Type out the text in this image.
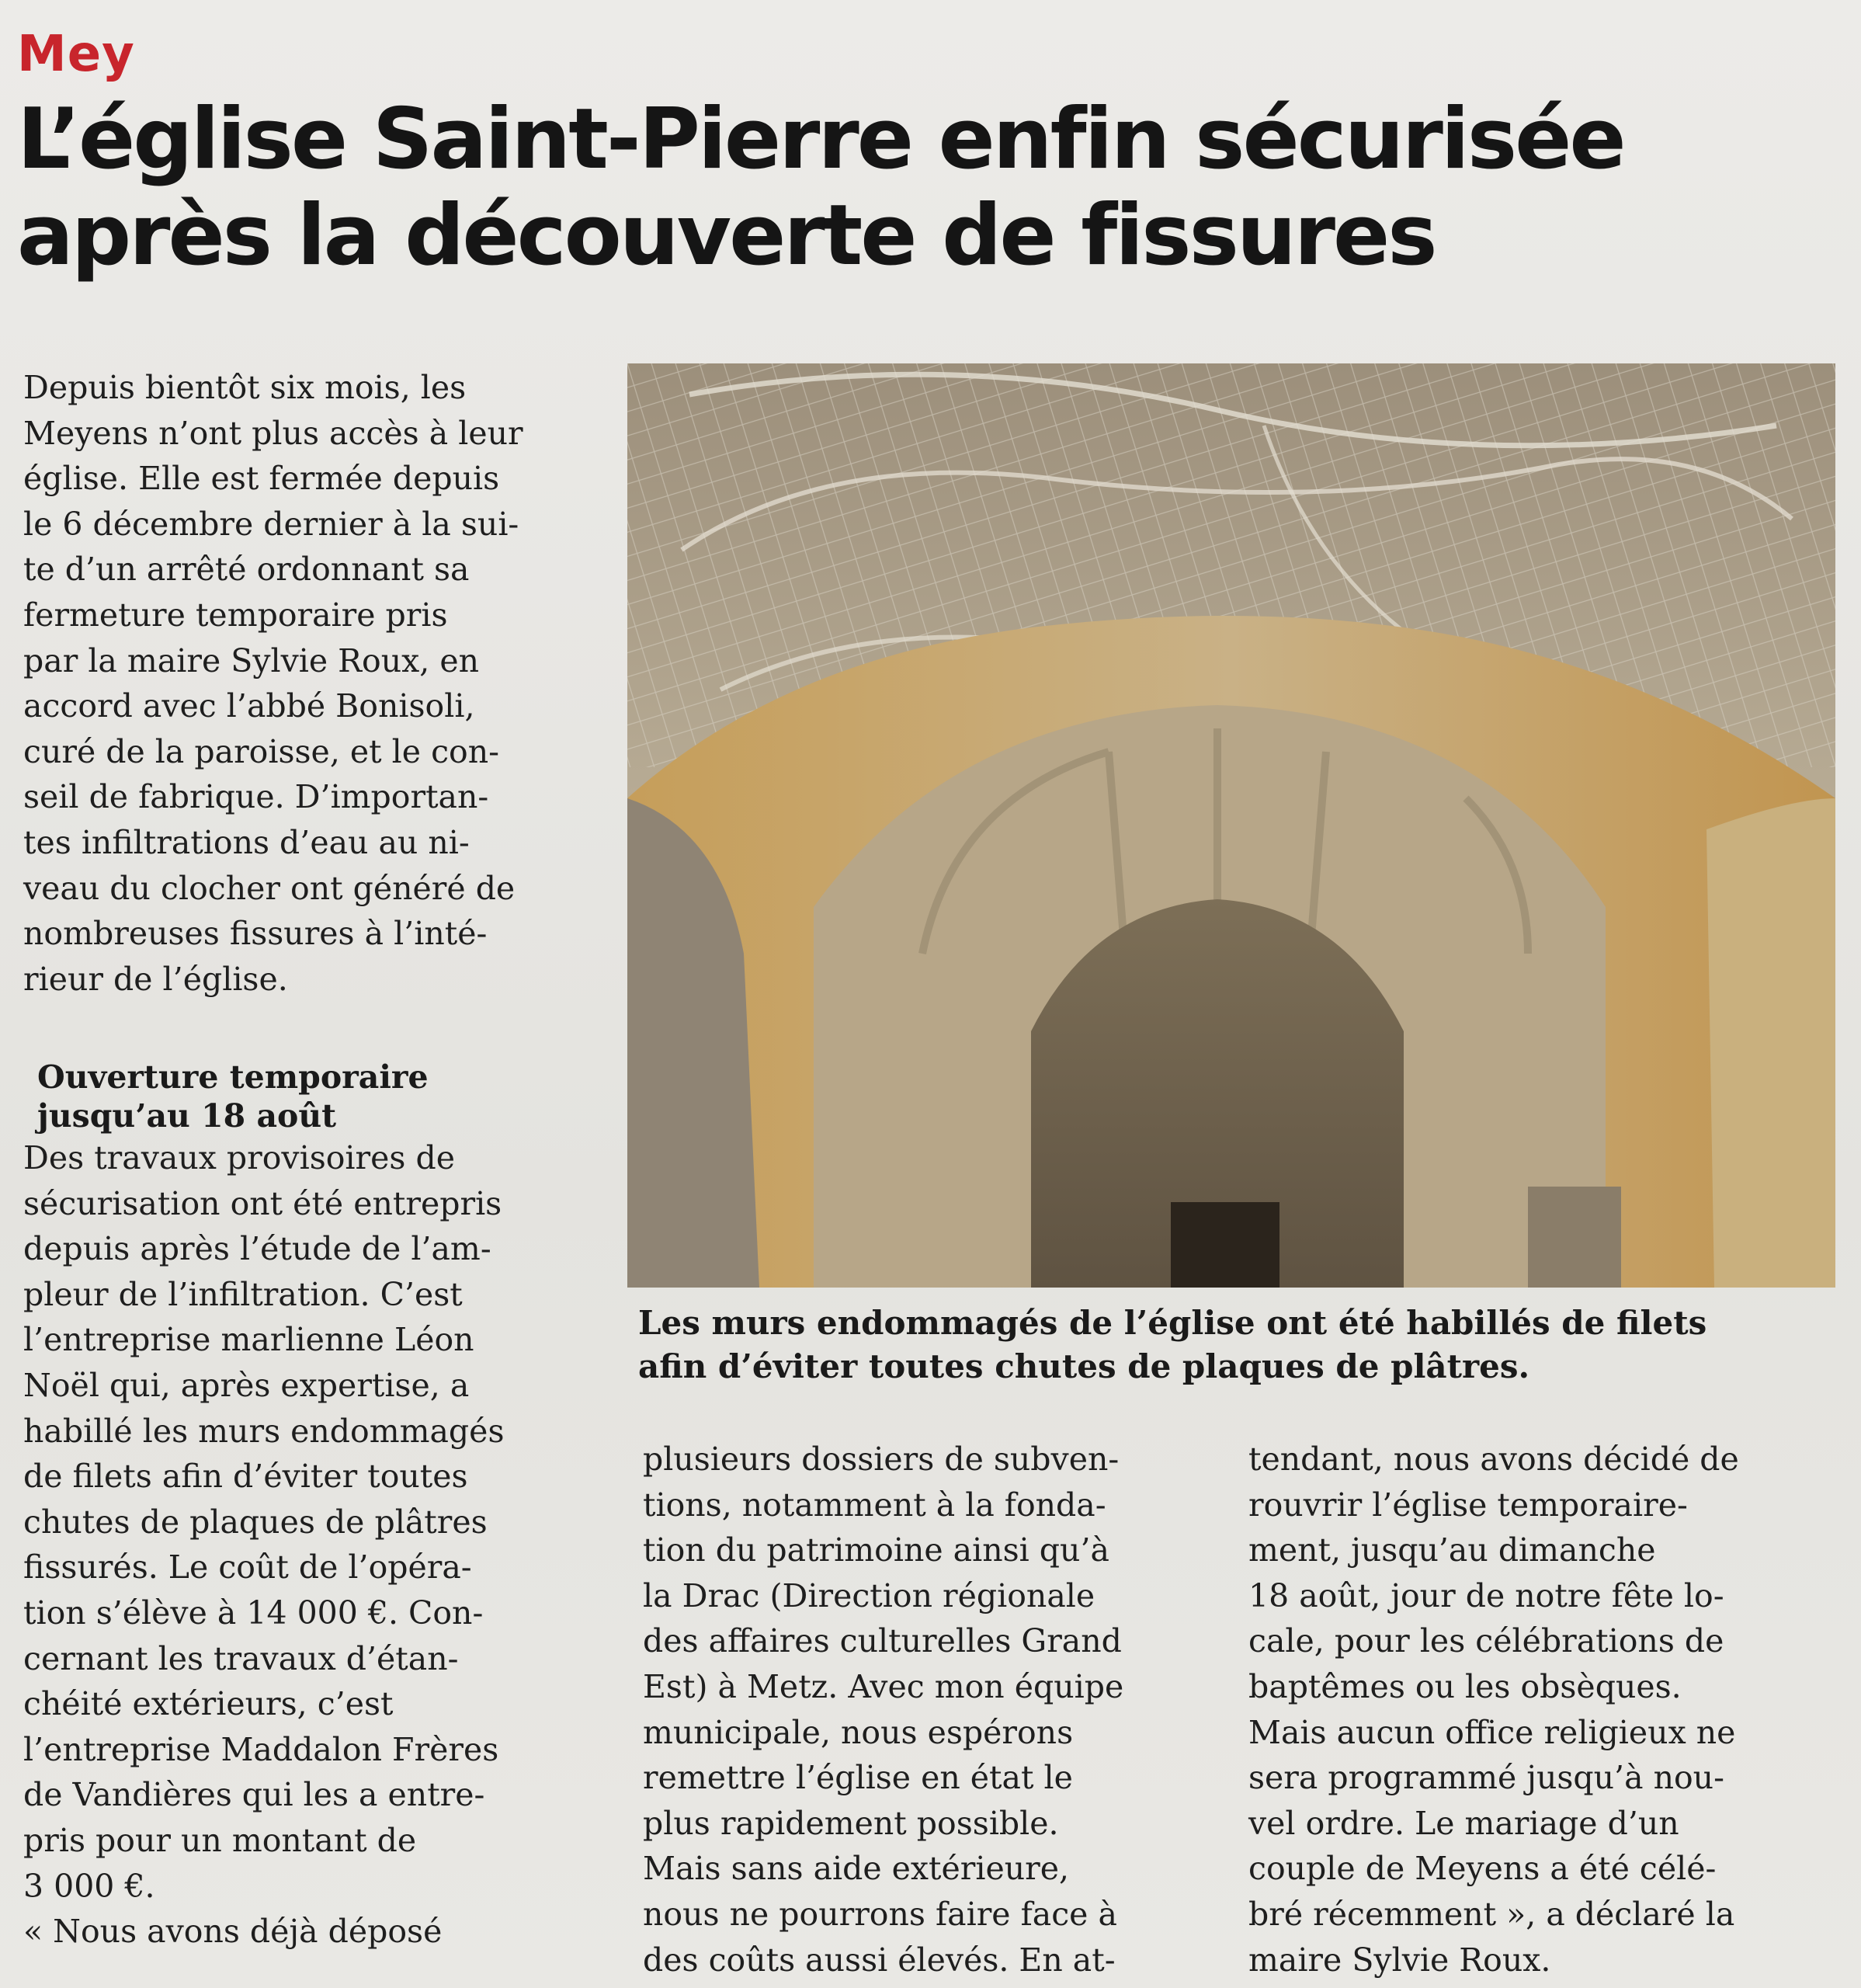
Mey
L’église Saint-Pierre enfin sécurisée après la découverte de fissures
Depuis bientôt six mois, les
Meyens n’ont plus accès à leur
église. Elle est fermée depuis
le 6 décembre dernier à la sui-
te d’un arrêté ordonnant sa
fermeture temporaire pris
par la maire Sylvie Roux, en
accord avec l’abbé Bonisoli,
curé de la paroisse, et le con-
seil de fabrique. D’importan-
tes infiltrations d’eau au ni-
veau du clocher ont généré de
nombreuses fissures à l’inté-
rieur de l’église.
Ouverture temporaire
jusqu’au 18 août
Des travaux provisoires de
sécurisation ont été entrepris
depuis après l’étude de l’am-
pleur de l’infiltration. C’est
l’entreprise marlienne Léon
Noël qui, après expertise, a
habillé les murs endommagés
de filets afin d’éviter toutes
chutes de plaques de plâtres
fissurés. Le coût de l’opéra-
tion s’élève à 14 000 €. Con-
cernant les travaux d’étan-
chéité extérieurs, c’est
l’entreprise Maddalon Frères
de Vandières qui les a entre-
pris pour un montant de
3 000 €.
« Nous avons déjà déposé
Les murs endommagés de l’église ont été habillés de filets
afin d’éviter toutes chutes de plaques de plâtres.
plusieurs dossiers de subven-
tions, notamment à la fonda-
tion du patrimoine ainsi qu’à
la Drac (Direction régionale
des affaires culturelles Grand
Est) à Metz. Avec mon équipe
municipale, nous espérons
remettre l’église en état le
plus rapidement possible.
Mais sans aide extérieure,
nous ne pourrons faire face à
des coûts aussi élevés. En at-
tendant, nous avons décidé de
rouvrir l’église temporaire-
ment, jusqu’au dimanche
18 août, jour de notre fête lo-
cale, pour les célébrations de
baptêmes ou les obsèques.
Mais aucun office religieux ne
sera programmé jusqu’à nou-
vel ordre. Le mariage d’un
couple de Meyens a été célé-
bré récemment », a déclaré la
maire Sylvie Roux.
